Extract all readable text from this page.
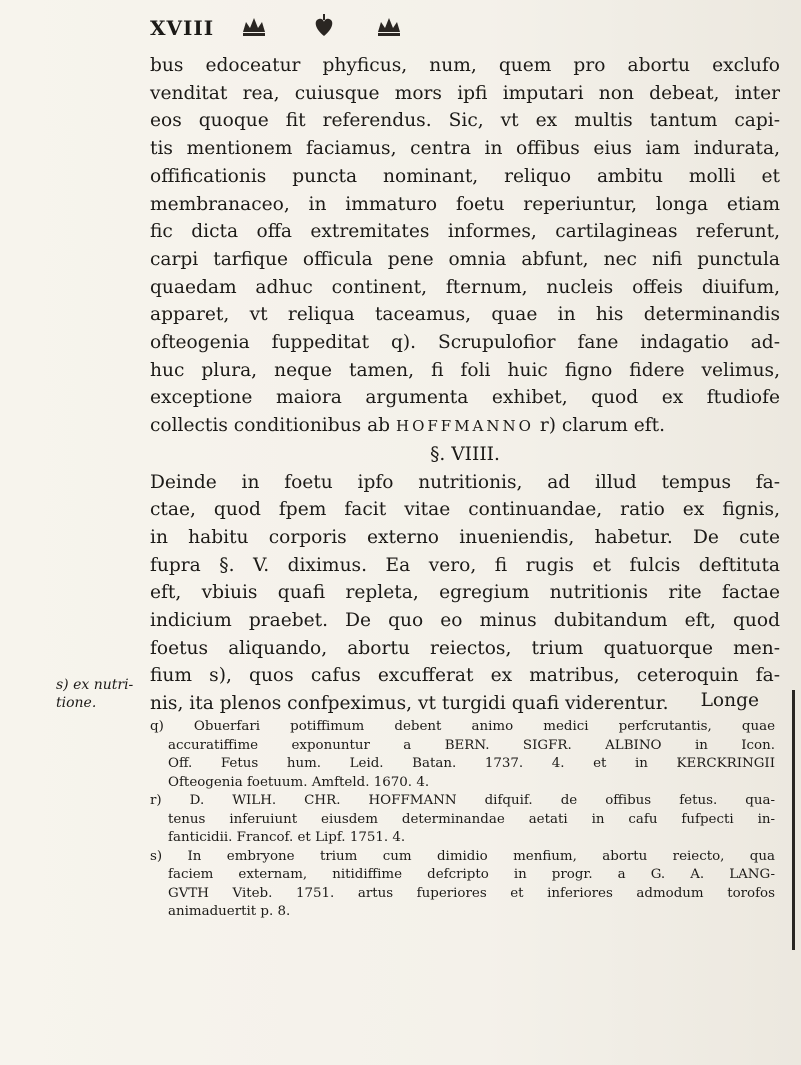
XVIII
bus edoceatur phyficus, num, quem pro abortu exclufo
venditat rea, cuiusque mors ipfi imputari non debeat, inter
eos quoque fit referendus. Sic, vt ex multis tantum capi-
tis mentionem faciamus, centra in offibus eius iam indurata,
offificationis puncta nominant, reliquo ambitu molli et
membranaceo, in immaturo foetu reperiuntur, longa etiam
fic dicta offa extremitates informes, cartilagineas referunt,
carpi tarfique officula pene omnia abfunt, nec nifi punctula
quaedam adhuc continent, fternum, nucleis offeis diuifum,
apparet, vt reliqua taceamus, quae in his determinandis
ofteogenia fuppeditat q). Scrupulofior fane indagatio ad-
huc plura, neque tamen, fi foli huic figno fidere velimus,
exceptione maiora argumenta exhibet, quod ex ftudiofe
collectis conditionibus ab HOFFMANNO r) clarum eft.
§. VIIII.
Deinde in foetu ipfo nutritionis, ad illud tempus fa-
ctae, quod fpem facit vitae continuandae, ratio ex fignis,
in habitu corporis externo inueniendis, habetur. De cute
fupra §. V. diximus. Ea vero, fi rugis et fulcis deftituta
eft, vbiuis quafi repleta, egregium nutritionis rite factae
indicium praebet. De quo eo minus dubitandum eft, quod
foetus aliquando, abortu reiectos, trium quatuorque men-
fium s), quos cafus excufferat ex matribus, ceteroquin fa-
nis, ita plenos confpeximus, vt turgidi quafi viderentur.
s) ex nutri-
tione.	Longe
q) Obuerfari potiffimum debent animo medici perfcrutantis, quae
accuratiffime exponuntur a BERN. SIGFR. ALBINO in Icon.
Off. Fetus hum. Leid. Batan. 1737. 4. et in KERCKRINGII
Ofteogenia foetuum. Amfteld. 1670. 4.
r) D. WILH. CHR. HOFFMANN difquif. de offibus fetus. qua-
tenus inferuiunt eiusdem determinandae aetati in cafu fufpecti in-
fanticidii. Francof. et Lipf. 1751. 4.
s) In embryone trium cum dimidio menfium, abortu reiecto, qua
faciem externam, nitidiffime defcripto in progr. a G. A. LANG-
GVTH Viteb. 1751. artus fuperiores et inferiores admodum torofos
animaduertit p. 8.
